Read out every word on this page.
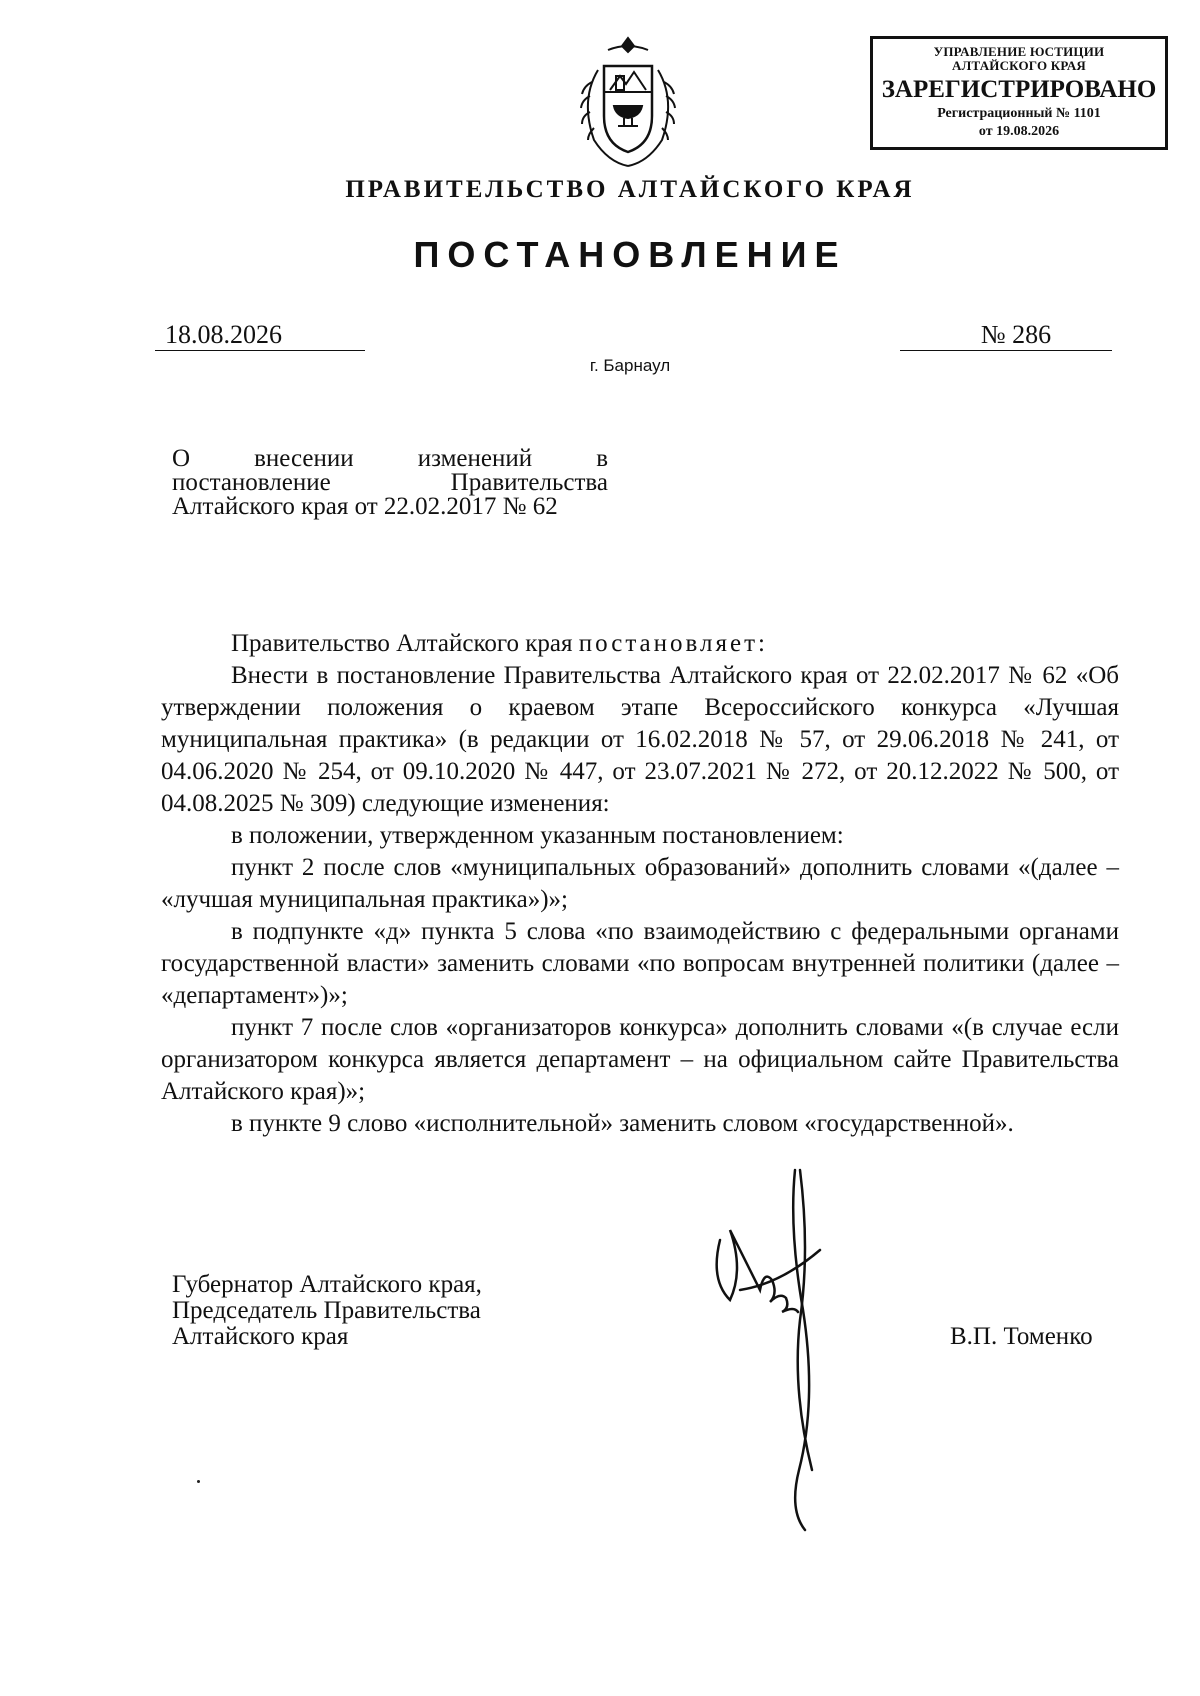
УПРАВЛЕНИЕ ЮСТИЦИИ
АЛТАЙСКОГО КРАЯ
ЗАРЕГИСТРИРОВАНО
Регистрационный № 1101
от 19.08.2026
ПРАВИТЕЛЬСТВО АЛТАЙСКОГО КРАЯ
ПОСТАНОВЛЕНИЕ
18.08.2026	№ 286
г. Барнаул
О внесении изменений в
постановление Правительства
Алтайского края от 22.02.2017 № 62

Правительство Алтайского края постановляет:

Внести в постановление Правительства Алтайского края от 22.02.2017 № 62 «Об утверждении положения о краевом этапе Всероссийского конкурса «Лучшая муниципальная практика» (в редакции от 16.02.2018 № 57, от 29.06.2018 № 241, от 04.06.2020 № 254, от 09.10.2020 № 447, от 23.07.2021 № 272, от 20.12.2022 № 500, от 04.08.2025 № 309) следующие изменения:

в положении, утвержденном указанным постановлением:

пункт 2 после слов «муниципальных образований» дополнить словами «(далее – «лучшая муниципальная практика»)»;

в подпункте «д» пункта 5 слова «по взаимодействию с федеральными органами государственной власти» заменить словами «по вопросам внутренней политики (далее – «департамент»)»;

пункт 7 после слов «организаторов конкурса» дополнить словами «(в случае если организатором конкурса является департамент – на официальном сайте Правительства Алтайского края)»;

в пункте 9 слово «исполнительной» заменить словом «государственной».

Губернатор Алтайского края,
Председатель Правительства
Алтайского края	В.П. Томенко
